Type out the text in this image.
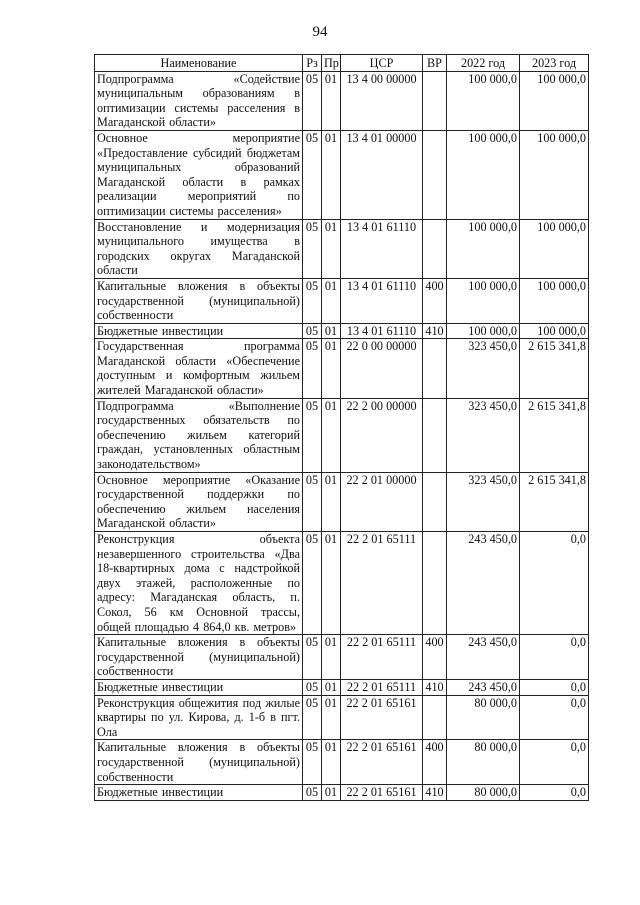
94
Наименование	Рз	Пр	ЦСР	ВР	2022 год	2023 год
Подпрограмма «Содействие муниципальным образованиям в оптимизации системы расселения в Магаданской области»	05	01	13 4 00 00000		100 000,0	100 000,0
Основное мероприятие «Предоставление субсидий бюджетам муниципальных образований Магаданской области в рамках реализации мероприятий по оптимизации системы расселения»	05	01	13 4 01 00000		100 000,0	100 000,0
Восстановление и модернизация муниципального имущества в городских округах Магаданской области	05	01	13 4 01 61110		100 000,0	100 000,0
Капитальные вложения в объекты государственной (муниципальной) собственности	05	01	13 4 01 61110	400	100 000,0	100 000,0
Бюджетные инвестиции	05	01	13 4 01 61110	410	100 000,0	100 000,0
Государственная программа Магаданской области «Обеспечение доступным и комфортным жильем жителей Магаданской области»	05	01	22 0 00 00000		323 450,0	2 615 341,8
Подпрограмма «Выполнение государственных обязательств по обеспечению жильем категорий граждан, установленных областным законодательством»	05	01	22 2 00 00000		323 450,0	2 615 341,8
Основное мероприятие «Оказание государственной поддержки по обеспечению жильем населения Магаданской области»	05	01	22 2 01 00000		323 450,0	2 615 341,8
Реконструкция объекта незавершенного строительства «Два 18-квартирных дома с надстройкой двух этажей, расположенные по адресу: Магаданская область, п. Сокол, 56 км Основной трассы, общей площадью 4 864,0 кв. метров»	05	01	22 2 01 65111		243 450,0	0,0
Капитальные вложения в объекты государственной (муниципальной) собственности	05	01	22 2 01 65111	400	243 450,0	0,0
Бюджетные инвестиции	05	01	22 2 01 65111	410	243 450,0	0,0
Реконструкция общежития под жилые квартиры по ул. Кирова, д. 1-б в пгт. Ола	05	01	22 2 01 65161		80 000,0	0,0
Капитальные вложения в объекты государственной (муниципальной) собственности	05	01	22 2 01 65161	400	80 000,0	0,0
Бюджетные инвестиции	05	01	22 2 01 65161	410	80 000,0	0,0
